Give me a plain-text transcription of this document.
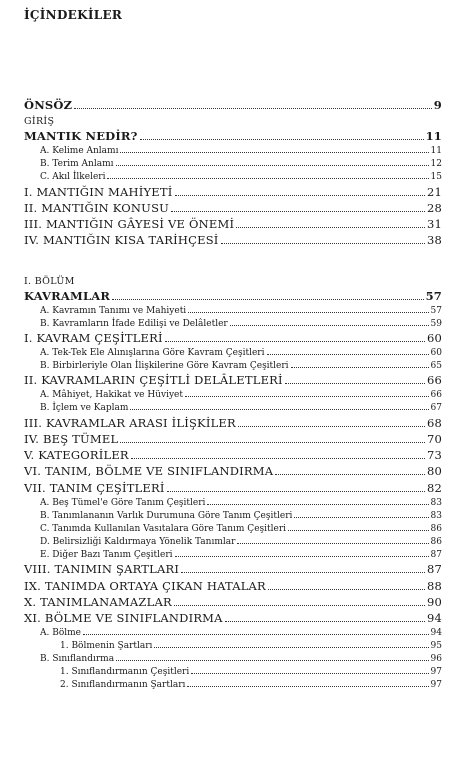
İÇİNDEKİLER
ÖNSÖZ	9
GİRİŞ
MANTIK NEDİR?	11
A. Kelime Anlamı	11
B. Terim Anlamı	12
C. Akıl İlkeleri	15
I. MANTIĞIN MAHİYETİ	21
II. MANTIĞIN KONUSU	28
III. MANTIĞIN GÂYESİ VE ÖNEMİ	31
IV. MANTIĞIN KISA TARİHÇESİ	38
I. BÖLÜM
KAVRAMLAR	57
A. Kavramın Tanımı ve Mahiyeti	57
B. Kavramların İfade Edilişi ve Delâletler	59
I. KAVRAM ÇEŞİTLERİ	60
A. Tek-Tek Ele Alınışlarına Göre Kavram Çeşitleri	60
B. Birbirleriyle Olan İlişkilerine Göre Kavram Çeşitleri	65
II. KAVRAMLARIN ÇEŞİTLİ DELÂLETLERİ	66
A. Mâhiyet, Hakikat ve Hüviyet	66
B. İçlem ve Kaplam	67
III. KAVRAMLAR ARASI İLİŞKİLER	68
IV. BEŞ TÜMEL	70
V. KATEGORİLER	73
VI. TANIM, BÖLME VE SINIFLANDIRMA	80
VII. TANIM ÇEŞİTLERİ	82
A. Beş Tümel'e Göre Tanım Çeşitleri	83
B. Tanımlananın Varlık Durumuna Göre Tanım Çeşitleri	83
C. Tanımda Kullanılan Vasıtalara Göre Tanım Çeşitleri	86
D. Belirsizliği Kaldırmaya Yönelik Tanımlar	86
E. Diğer Bazı Tanım Çeşitleri	87
VIII. TANIMIN ŞARTLARI	87
IX. TANIMDA ORTAYA ÇIKAN HATALAR	88
X. TANIMLANAMAZLAR	90
XI. BÖLME VE SINIFLANDIRMA	94
A. Bölme	94
1. Bölmenin Şartları	95
B. Sınıflandırma	96
1. Sınıflandırmanın Çeşitleri	97
2. Sınıflandırmanın Şartları	97
